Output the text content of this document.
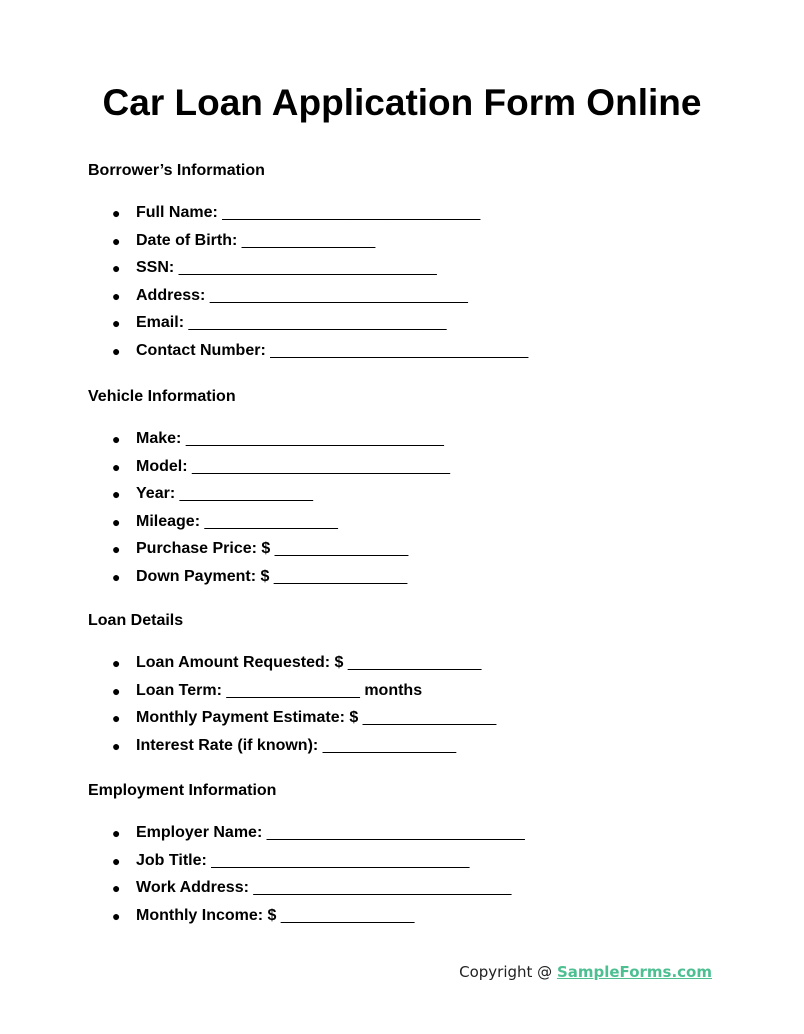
Car Loan Application Form Online
Borrower’s Information
● Full Name: _____________________________
● Date of Birth: _______________
● SSN: _____________________________
● Address: _____________________________
● Email: _____________________________
● Contact Number: _____________________________
Vehicle Information
● Make: _____________________________
● Model: _____________________________
● Year: _______________
● Mileage: _______________
● Purchase Price: $ _______________
● Down Payment: $ _______________
Loan Details
● Loan Amount Requested: $ _______________
● Loan Term: _______________ months
● Monthly Payment Estimate: $ _______________
● Interest Rate (if known): _______________
Employment Information
● Employer Name: _____________________________
● Job Title: _____________________________
● Work Address: _____________________________
● Monthly Income: $ _______________
Copyright @ SampleForms.com
